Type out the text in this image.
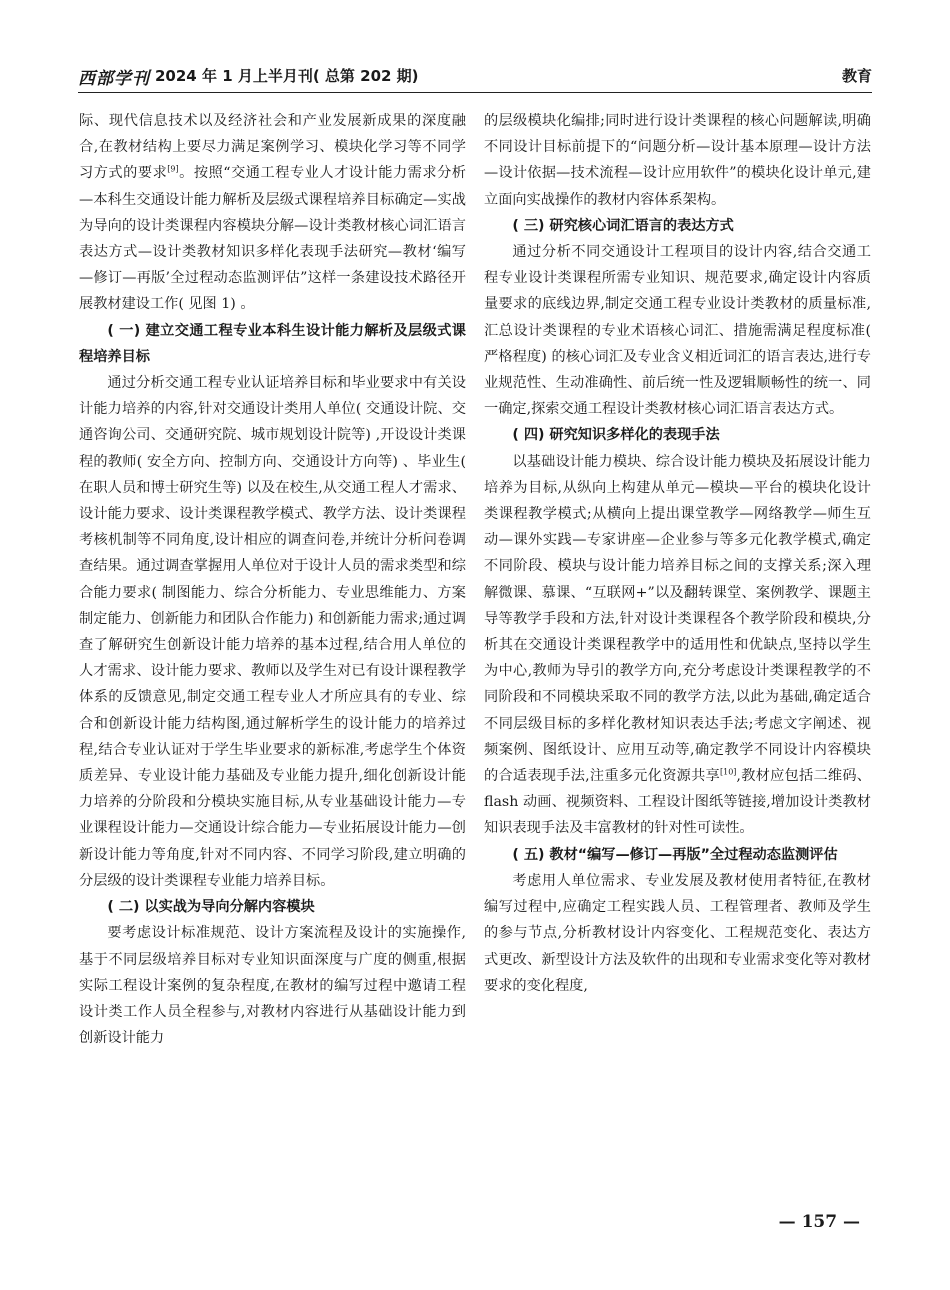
西部学刊 2024 年 1 月上半月刊( 总第 202 期)	教育

际、现代信息技术以及经济社会和产业发展新成果的深度融合,在教材结构上要尽力满足案例学习、模块化学习等不同学习方式的要求[9]。按照“交通工程专业人才设计能力需求分析—本科生交通设计能力解析及层级式课程培养目标确定—实战为导向的设计类课程内容模块分解—设计类教材核心词汇语言表达方式—设计类教材知识多样化表现手法研究—教材‘编写—修订—再版’全过程动态监测评估”这样一条建设技术路径开展教材建设工作( 见图 1) 。

( 一) 建立交通工程专业本科生设计能力解析及层级式课程培养目标

通过分析交通工程专业认证培养目标和毕业要求中有关设计能力培养的内容,针对交通设计类用人单位( 交通设计院、交通咨询公司、交通研究院、城市规划设计院等) ,开设设计类课程的教师( 安全方向、控制方向、交通设计方向等) 、毕业生( 在职人员和博士研究生等) 以及在校生,从交通工程人才需求、设计能力要求、设计类课程教学模式、教学方法、设计类课程考核机制等不同角度,设计相应的调查问卷,并统计分析问卷调查结果。通过调查掌握用人单位对于设计人员的需求类型和综合能力要求( 制图能力、综合分析能力、专业思维能力、方案制定能力、创新能力和团队合作能力) 和创新能力需求;通过调查了解研究生创新设计能力培养的基本过程,结合用人单位的人才需求、设计能力要求、教师以及学生对已有设计课程教学体系的反馈意见,制定交通工程专业人才所应具有的专业、综合和创新设计能力结构图,通过解析学生的设计能力的培养过程,结合专业认证对于学生毕业要求的新标准,考虑学生个体资质差异、专业设计能力基础及专业能力提升,细化创新设计能力培养的分阶段和分模块实施目标,从专业基础设计能力—专业课程设计能力—交通设计综合能力—专业拓展设计能力—创新设计能力等角度,针对不同内容、不同学习阶段,建立明确的分层级的设计类课程专业能力培养目标。

( 二) 以实战为导向分解内容模块

要考虑设计标准规范、设计方案流程及设计的实施操作,基于不同层级培养目标对专业知识面深度与广度的侧重,根据实际工程设计案例的复杂程度,在教材的编写过程中邀请工程设计类工作人员全程参与,对教材内容进行从基础设计能力到创新设计能力

的层级模块化编排;同时进行设计类课程的核心问题解读,明确不同设计目标前提下的“问题分析—设计基本原理—设计方法—设计依据—技术流程—设计应用软件”的模块化设计单元,建立面向实战操作的教材内容体系架构。

( 三) 研究核心词汇语言的表达方式

通过分析不同交通设计工程项目的设计内容,结合交通工程专业设计类课程所需专业知识、规范要求,确定设计内容质量要求的底线边界,制定交通工程专业设计类教材的质量标准,汇总设计类课程的专业术语核心词汇、措施需满足程度标准( 严格程度) 的核心词汇及专业含义相近词汇的语言表达,进行专业规范性、生动准确性、前后统一性及逻辑顺畅性的统一、同一确定,探索交通工程设计类教材核心词汇语言表达方式。

( 四) 研究知识多样化的表现手法

以基础设计能力模块、综合设计能力模块及拓展设计能力培养为目标,从纵向上构建从单元—模块—平台的模块化设计类课程教学模式;从横向上提出课堂教学—网络教学—师生互动—课外实践—专家讲座—企业参与等多元化教学模式,确定不同阶段、模块与设计能力培养目标之间的支撑关系;深入理解微课、慕课、“互联网+”以及翻转课堂、案例教学、课题主导等教学手段和方法,针对设计类课程各个教学阶段和模块,分析其在交通设计类课程教学中的适用性和优缺点,坚持以学生为中心,教师为导引的教学方向,充分考虑设计类课程教学的不同阶段和不同模块采取不同的教学方法,以此为基础,确定适合不同层级目标的多样化教材知识表达手法;考虑文字阐述、视频案例、图纸设计、应用互动等,确定教学不同设计内容模块的合适表现手法,注重多元化资源共享[10],教材应包括二维码、flash 动画、视频资料、工程设计图纸等链接,增加设计类教材知识表现手法及丰富教材的针对性可读性。

( 五) 教材“编写—修订—再版”全过程动态监测评估

考虑用人单位需求、专业发展及教材使用者特征,在教材编写过程中,应确定工程实践人员、工程管理者、教师及学生的参与节点,分析教材设计内容变化、工程规范变化、表达方式更改、新型设计方法及软件的出现和专业需求变化等对教材要求的变化程度,

— 157 —
